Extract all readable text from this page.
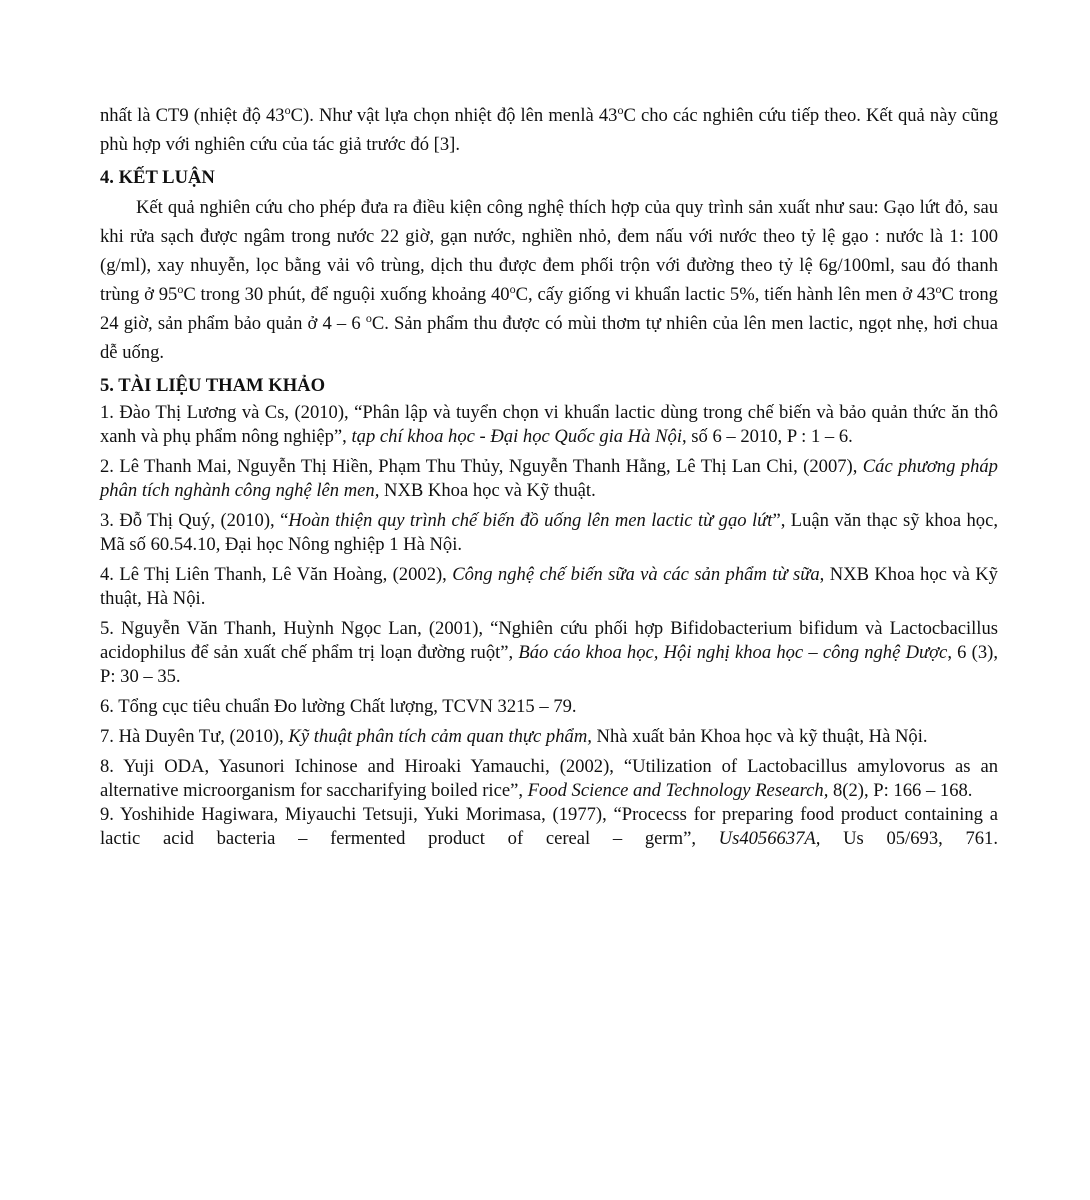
nhất là CT9 (nhiệt độ 43$^o$C). Như vật lựa chọn nhiệt độ lên menlà 43$^o$C cho các nghiên cứu tiếp theo. Kết quả này cũng phù hợp với nghiên cứu của tác giả trước đó [3].

4. KẾT LUẬN

Kết quả nghiên cứu cho phép đưa ra điều kiện công nghệ thích hợp của quy trình sản xuất như sau: Gạo lứt đỏ, sau khi rửa sạch được ngâm trong nước 22 giờ, gạn nước, nghiền nhỏ, đem nấu với nước theo tỷ lệ gạo : nước là 1: 100 (g/ml), xay nhuyễn, lọc bằng vải vô trùng, dịch thu được đem phối trộn với đường theo tỷ lệ 6g/100ml, sau đó thanh trùng ở 95$^o$C trong 30 phút, để nguội xuống khoảng 40$^o$C, cấy giống vi khuẩn lactic 5%, tiến hành lên men ở 43$^o$C trong 24 giờ, sản phẩm bảo quản ở 4 – 6 $^o$C. Sản phẩm thu được có mùi thơm tự nhiên của lên men lactic, ngọt nhẹ, hơi chua dễ uống.

5. TÀI LIỆU THAM KHẢO

1. Đào Thị Lương và Cs, (2010), “Phân lập và tuyển chọn vi khuẩn lactic dùng trong chế biến và bảo quản thức ăn thô xanh và phụ phẩm nông nghiệp”, tạp chí khoa học - Đại học Quốc gia Hà Nội, số 6 – 2010, P : 1 – 6.

2. Lê Thanh Mai, Nguyễn Thị Hiền, Phạm Thu Thủy, Nguyễn Thanh Hằng, Lê Thị Lan Chi, (2007), Các phương pháp phân tích nghành công nghệ lên men, NXB Khoa học và Kỹ thuật.

3. Đỗ Thị Quý, (2010), “Hoàn thiện quy trình chế biến đồ uống lên men lactic từ gạo lứt”, Luận văn thạc sỹ khoa học, Mã số 60.54.10, Đại học Nông nghiệp 1 Hà Nội.

4. Lê Thị Liên Thanh, Lê Văn Hoàng, (2002), Công nghệ chế biến sữa và các sản phẩm từ sữa, NXB Khoa học và Kỹ thuật, Hà Nội.

5. Nguyễn Văn Thanh, Huỳnh Ngọc Lan, (2001), “Nghiên cứu phối hợp Bifidobacterium bifidum và Lactocbacillus acidophilus để sản xuất chế phẩm trị loạn đường ruột”, Báo cáo khoa học, Hội nghị khoa học – công nghệ Dược, 6 (3), P: 30 – 35.

6. Tổng cục tiêu chuẩn Đo lường Chất lượng, TCVN 3215 – 79.

7. Hà Duyên Tư, (2010), Kỹ thuật phân tích cảm quan thực phẩm, Nhà xuất bản Khoa học và kỹ thuật, Hà Nội.

8. Yuji ODA, Yasunori Ichinose and Hiroaki Yamauchi, (2002), “Utilization of Lactobacillus amylovorus as an alternative microorganism for saccharifying boiled rice”, Food Science and Technology Research, 8(2), P: 166 – 168.

9. Yoshihide Hagiwara, Miyauchi Tetsuji, Yuki Morimasa, (1977), “Procecss for preparing food product containing a lactic acid bacteria – fermented product of cereal – germ”, Us4056637A, Us 05/693, 761.
